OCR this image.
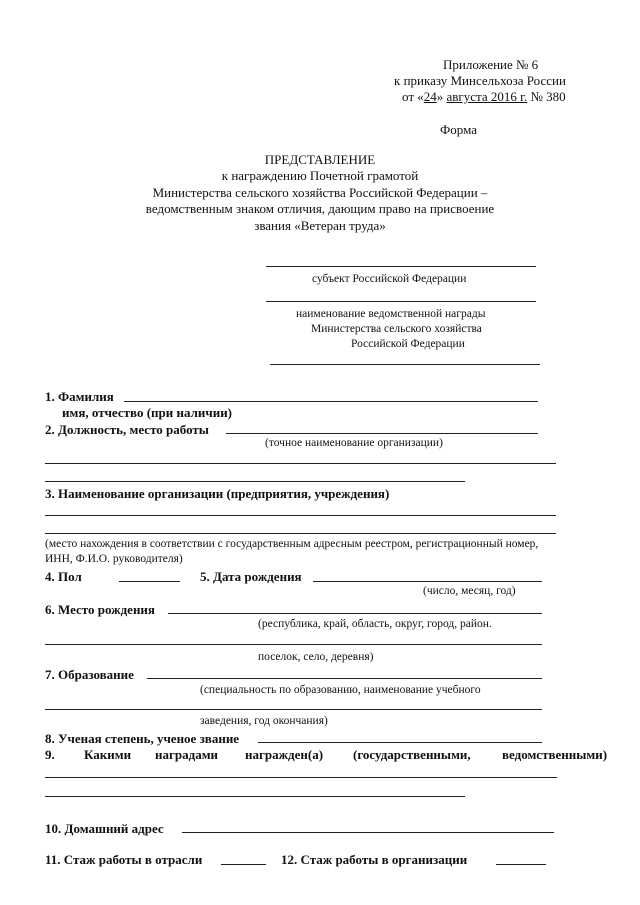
Приложение № 6
к приказу Минсельхоза России
от «24» августа 2016 г. № 380
Форма
ПРЕДСТАВЛЕНИЕ
к награждению Почетной грамотой
Министерства сельского хозяйства Российской Федерации –
ведомственным знаком отличия, дающим право на присвоение
звания «Ветеран труда»
субъект Российской Федерации
наименование ведомственной награды
Министерства сельского хозяйства
Российской Федерации
1. Фамилия
имя, отчество (при наличии)
2. Должность, место работы
(точное наименование организации)
3. Наименование организации (предприятия, учреждения)
(место нахождения в соответствии с государственным адресным реестром, регистрационный номер,
ИНН, Ф.И.О. руководителя)
4. Пол	5. Дата рождения
(число, месяц, год)
6. Место рождения
(республика, край, область, округ, город, район.
поселок, село, деревня)
7. Образование
(специальность по образованию, наименование учебного
заведения, год окончания)
8. Ученая степень, ученое звание
9. Какими наградами награжден(а) (государственными, ведомственными)
10. Домашний адрес
11. Стаж работы в отрасли	12. Стаж работы в организации
